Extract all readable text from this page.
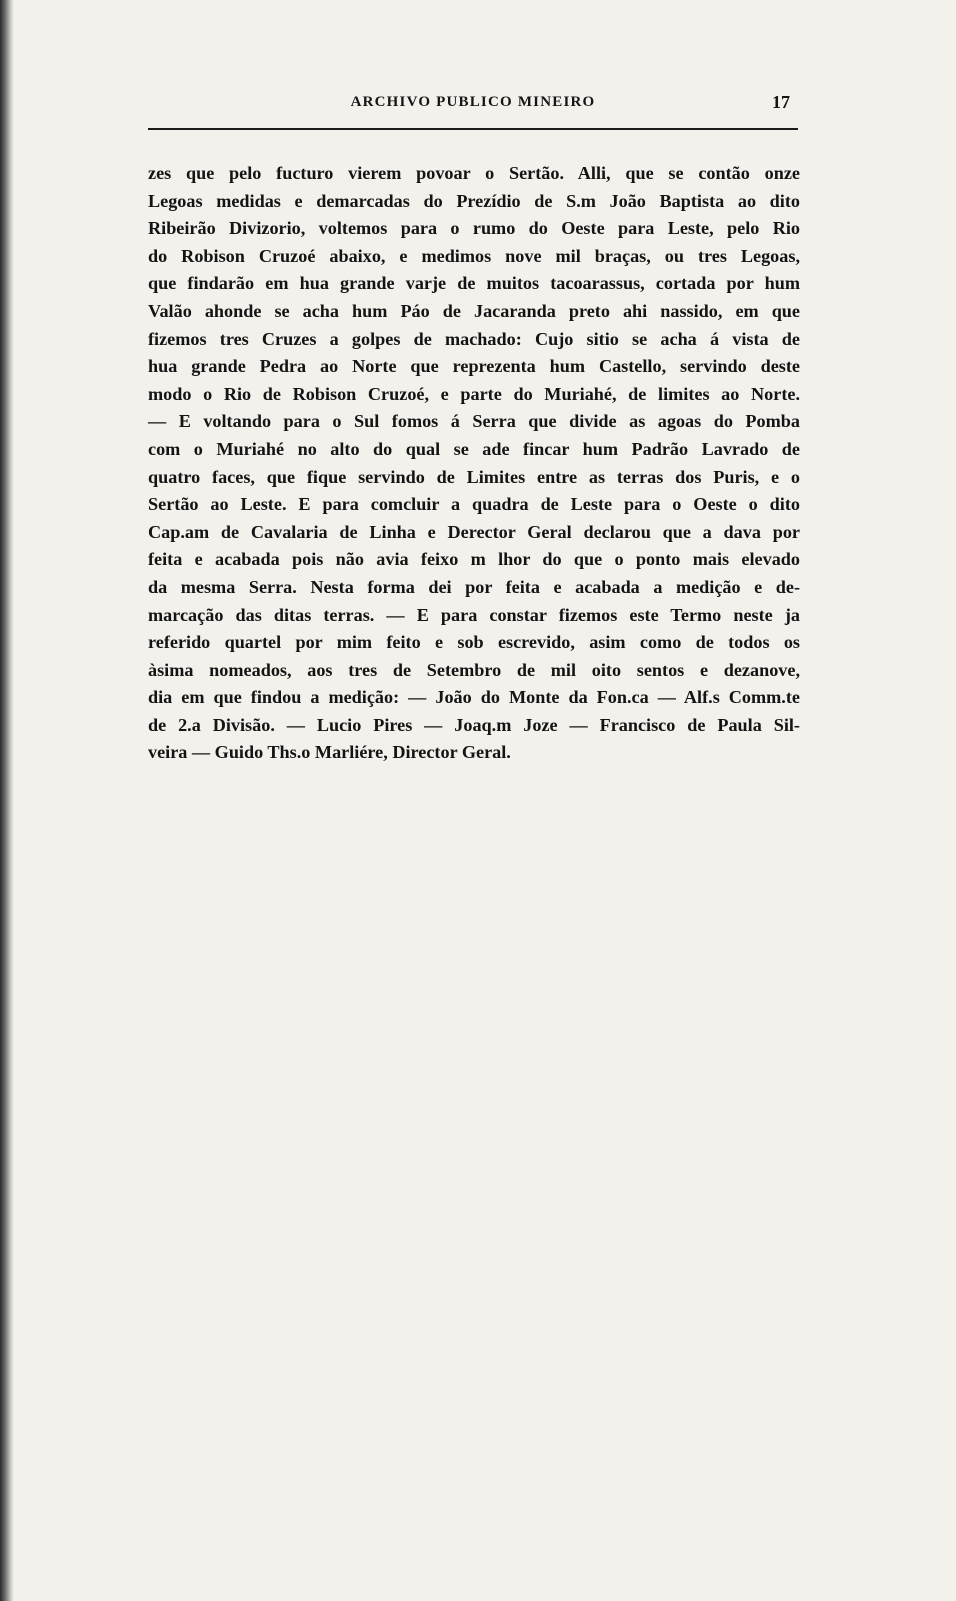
ARCHIVO PUBLICO MINEIRO	17

zes que pelo fucturo vierem povoar o Sertão. Alli, que se contão onze
Legoas medidas e demarcadas do Prezídio de S.m João Baptista ao dito
Ribeirão Divizorio, voltemos para o rumo do Oeste para Leste, pelo Rio
do Robison Cruzoé abaixo, e medimos nove mil braças, ou tres Legoas,
que findarão em hua grande varje de muitos tacoarassus, cortada por hum
Valão ahonde se acha hum Páo de Jacaranda preto ahi nassido, em que
fizemos tres Cruzes a golpes de machado: Cujo sitio se acha á vista de
hua grande Pedra ao Norte que reprezenta hum Castello, servindo deste
modo o Rio de Robison Cruzoé, e parte do Muriahé, de limites ao Norte.
— E voltando para o Sul fomos á Serra que divide as agoas do Pomba
com o Muriahé no alto do qual se ade fincar hum Padrão Lavrado de
quatro faces, que fique servindo de Limites entre as terras dos Puris, e o
Sertão ao Leste. E para comcluir a quadra de Leste para o Oeste o dito
Cap.am de Cavalaria de Linha e Derector Geral declarou que a dava por
feita e acabada pois não avia feixo m lhor do que o ponto mais elevado
da mesma Serra. Nesta forma dei por feita e acabada a medição e de-
marcação das ditas terras. — E para constar fizemos este Termo neste ja
referido quartel por mim feito e sob escrevido, asim como de todos os
àsima nomeados, aos tres de Setembro de mil oito sentos e dezanove,
dia em que findou a medição: — João do Monte da Fon.ca — Alf.s Comm.te
de 2.a Divisão. — Lucio Pires — Joaq.m Joze — Francisco de Paula Sil-
veira — Guido Ths.o Marliére, Director Geral.
